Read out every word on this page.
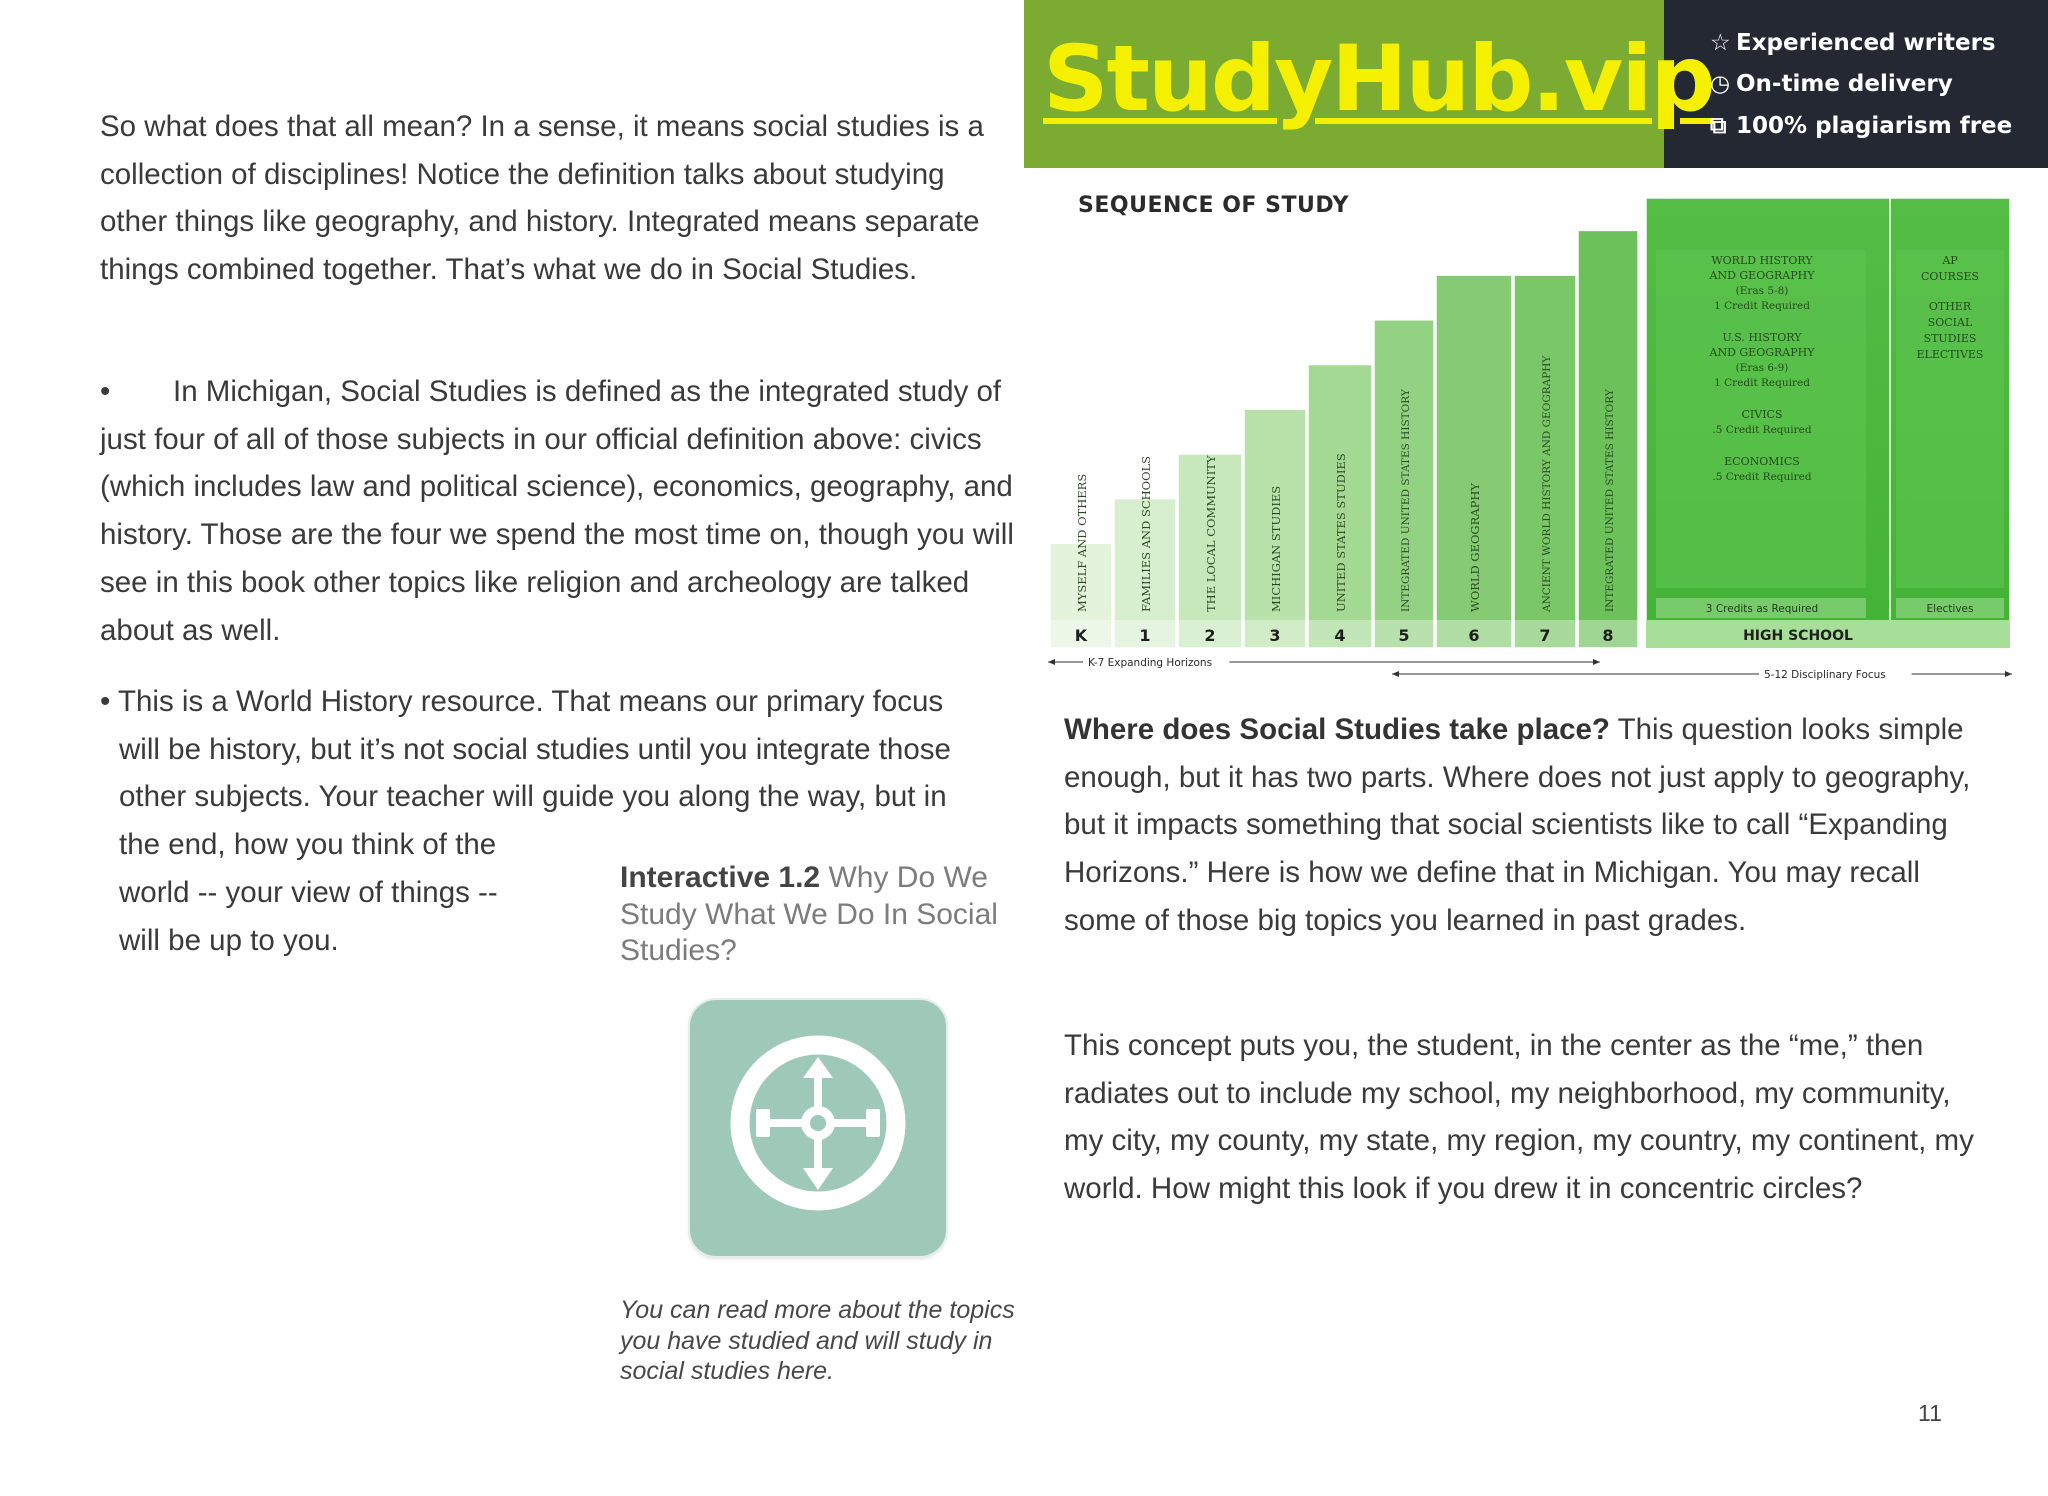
So what does that all mean? In a sense, it means social studies is a collection of disciplines! Notice the definition talks about studying other things like geography, and history. Integrated means separate things combined together. That’s what we do in Social Studies.
• In Michigan, Social Studies is defined as the integrated study of just four of all of those subjects in our official definition above: civics (which includes law and political science), economics, geography, and history. Those are the four we spend the most time on, though you will see in this book other topics like religion and archeology are talked about as well.
• This is a World History resource. That means our primary focus
will be history, but it’s not social studies until you integrate those
other subjects. Your teacher will guide you along the way, but in
the end, how you think of the
world -- your view of things --
will be up to you.
Interactive 1.2 Why Do We Study What We Do In Social Studies?
You can read more about the topics you have studied and will study in social studies here.
StudyHub.vip
☆ Experienced writers
◷ On-time delivery
⧉ 100% plagiarism free
K
MYSELF AND OTHERS
1
FAMILIES AND SCHOOLS
2
THE LOCAL COMMUNITY
3
MICHIGAN STUDIES
4
UNITED STATES STUDIES
5
INTEGRATED UNITED STATES HISTORY
6
WORLD GEOGRAPHY
7
ANCIENT WORLD HISTORY AND GEOGRAPHY
8
INTEGRATED UNITED STATES HISTORY
WORLD HISTORY
AND GEOGRAPHY
(Eras 5-8)
1 Credit Required
U.S. HISTORY
AND GEOGRAPHY
(Eras 6-9)
1 Credit Required
CIVICS
.5 Credit Required
ECONOMICS
.5 Credit Required
AP
COURSES
OTHER
SOCIAL
STUDIES
ELECTIVES
3 Credits as Required	Electives
HIGH SCHOOL
K-7 Expanding Horizons
5-12 Disciplinary Focus
SEQUENCE OF STUDY
Where does Social Studies take place? This question looks simple enough, but it has two parts. Where does not just apply to geography, but it impacts something that social scientists like to call “Expanding Horizons.” Here is how we define that in Michigan. You may recall some of those big topics you learned in past grades.
This concept puts you, the student, in the center as the “me,” then radiates out to include my school, my neighborhood, my community, my city, my county, my state, my region, my country, my continent, my world. How might this look if you drew it in concentric circles?
11
